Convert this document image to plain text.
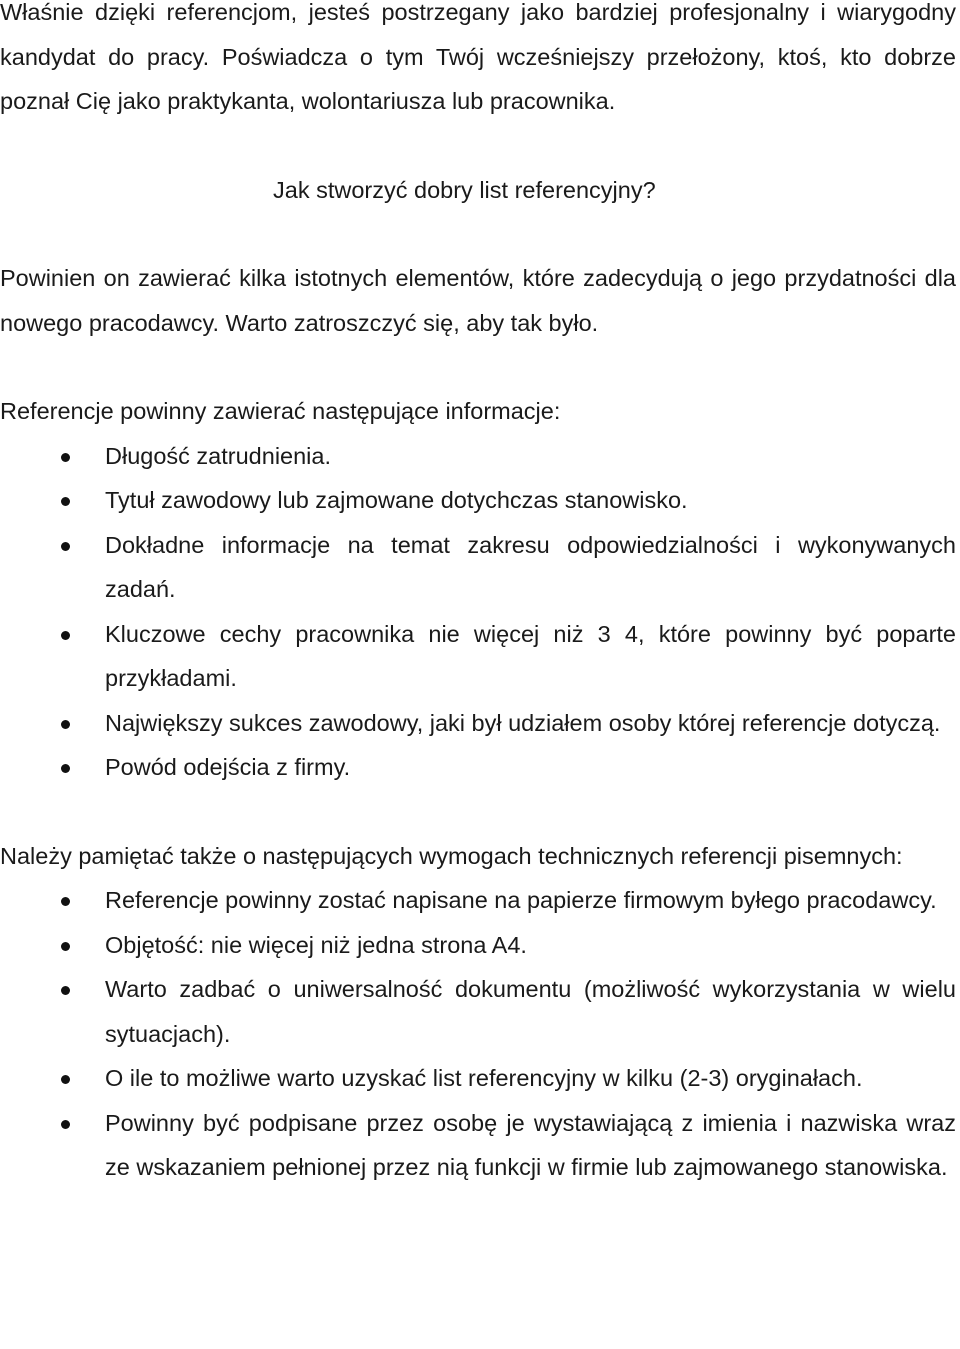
Właśnie dzięki referencjom, jesteś postrzegany jako bardziej profesjonalny i wiarygodny kandydat do pracy. Poświadcza o tym Twój wcześniejszy przełożony, ktoś, kto dobrze poznał Cię jako praktykanta, wolontariusza lub pracownika.

Jak stworzyć dobry list referencyjny?

Powinien on zawierać kilka istotnych elementów, które zadecydują o jego przydatności dla nowego pracodawcy. Warto zatroszczyć się, aby tak było.

Referencje powinny zawierać następujące informacje:

Długość zatrudnienia.
Tytuł zawodowy lub zajmowane dotychczas stanowisko.
Dokładne informacje na temat zakresu odpowiedzialności i wykonywanych zadań.
Kluczowe cechy pracownika nie więcej niż 3 4, które powinny być poparte przykładami.
Największy sukces zawodowy, jaki był udziałem osoby której referencje dotyczą.
Powód odejścia z firmy.

Należy pamiętać także o następujących wymogach technicznych referencji pisemnych:

Referencje powinny zostać napisane na papierze firmowym byłego pracodawcy.
Objętość: nie więcej niż jedna strona A4.
Warto zadbać o uniwersalność dokumentu (możliwość wykorzystania w wielu sytuacjach).
O ile to możliwe warto uzyskać list referencyjny w kilku (2-3) oryginałach.
Powinny być podpisane przez osobę je wystawiającą z imienia i nazwiska wraz ze wskazaniem pełnionej przez nią funkcji w firmie lub zajmowanego stanowiska.
